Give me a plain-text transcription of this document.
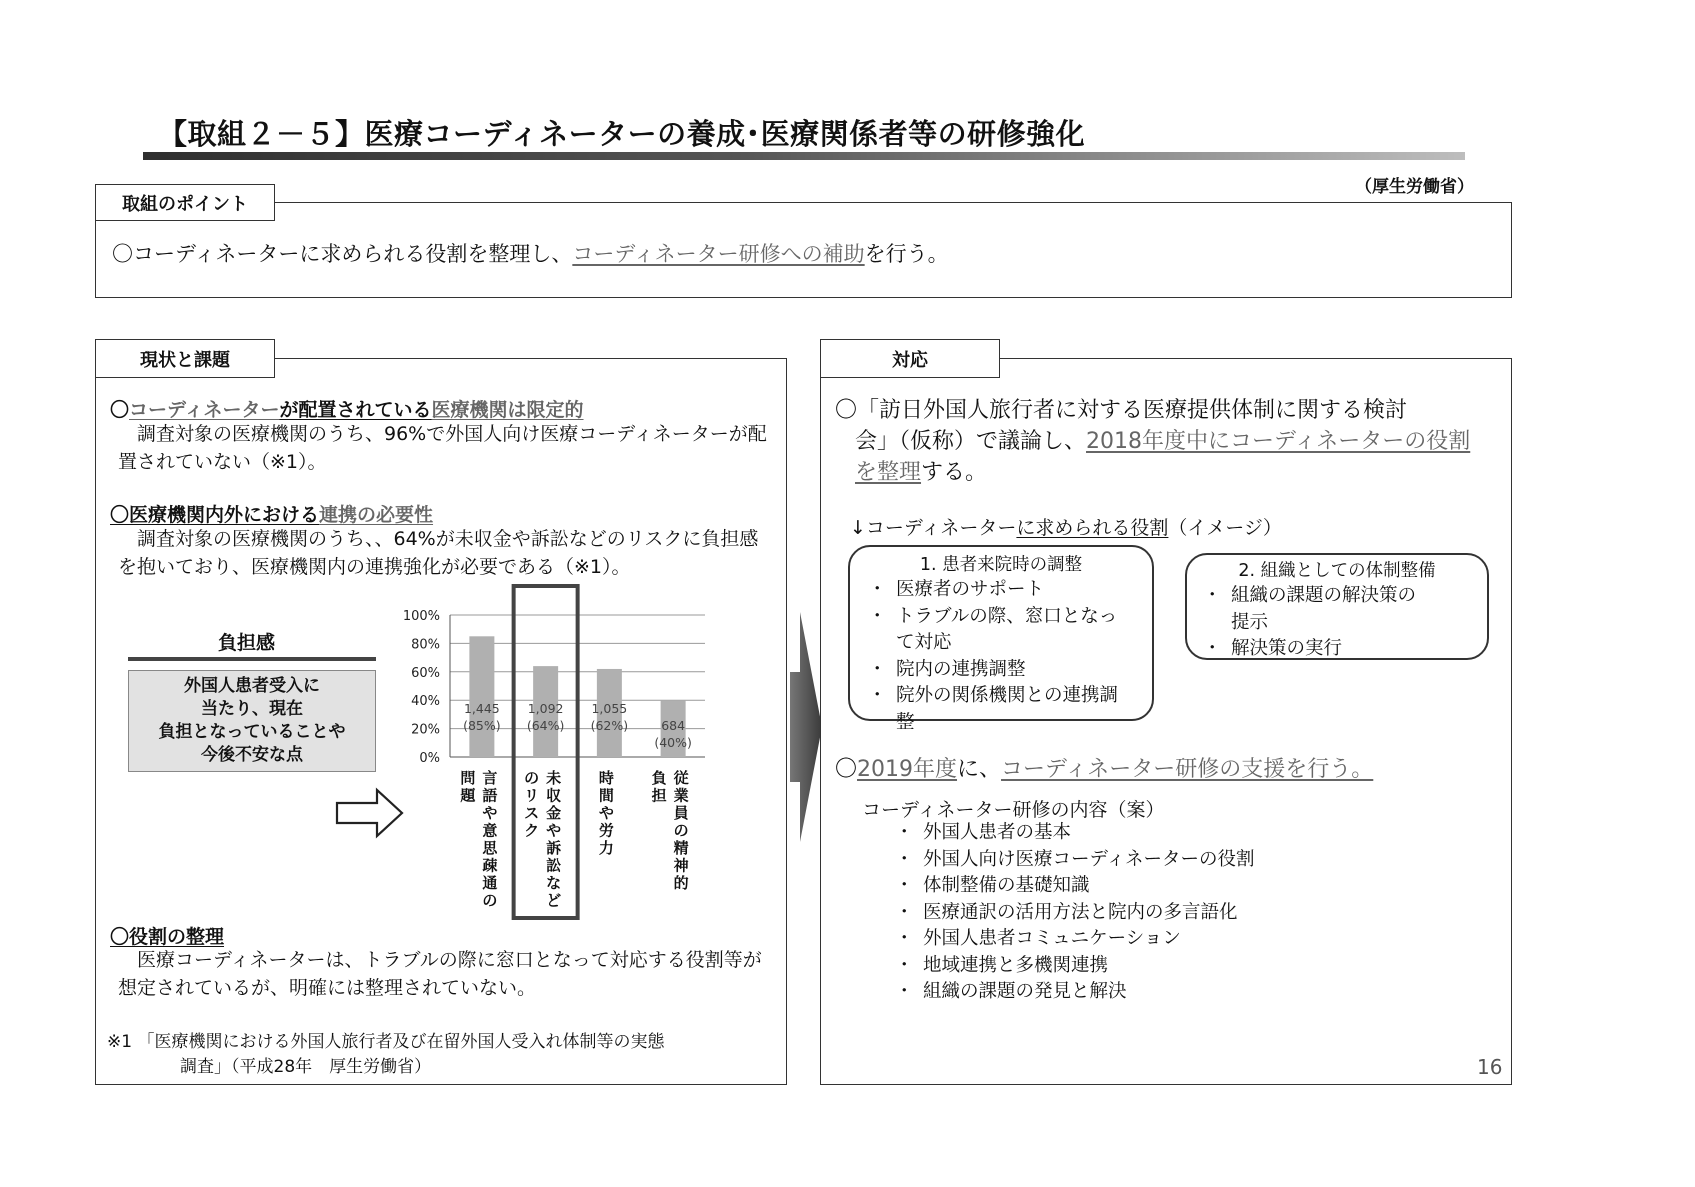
【取組２－５】医療コーディネーターの養成･医療関係者等の研修強化
（厚生労働省）
取組のポイント
〇コーディネーターに求められる役割を整理し、コーディネーター研修への補助を行う。
現状と課題
〇コーディネーターが配置されている医療機関は限定的
　調査対象の医療機関のうち、96%で外国人向け医療コーディネーターが配置されていない（※1）。
〇医療機関内外における連携の必要性
　調査対象の医療機関のうち、、64%が未収金や訴訟などのリスクに負担感を抱いており、医療機関内の連携強化が必要である（※1）。
負担感
外国人患者受入に
当たり、現在
負担となっていることや
今後不安な点	0%
20%
40%
60%
80%
100%
1,445
(85%)
言
語
や
意
思
疎
通
の
問
題
1,092
(64%)
未
収
金
や
訴
訟
な
ど
の
リ
ス
ク
1,055
(62%)
時
間
や
労
力
684
(40%)
従
業
員
の
精
神
的
負
担
〇役割の整理
　医療コーディネーターは、トラブルの際に窓口となって対応する役割等が想定されているが、明確には整理されていない。
※1 「医療機関における外国人旅行者及び在留外国人受入れ体制等の実態
調査」（平成28年　厚生労働省）
対応
〇「訪日外国人旅行者に対する医療提供体制に関する検討
会」（仮称）で議論し、2018年度中にコーディネーターの役割
を整理する。
↓コーディネーターに求められる役割（イメージ）
1. 患者来院時の調整
・ 医療者のサポート
・ トラブルの際、窓口となって対応
・ 院内の連携調整
・ 院外の関係機関との連携調整
2. 組織としての体制整備
・ 組織の課題の解決策の提示
・ 解決策の実行
〇2019年度に、コーディネーター研修の支援を行う。
コーディネーター研修の内容（案）
・ 外国人患者の基本
・ 外国人向け医療コーディネーターの役割
・ 体制整備の基礎知識
・ 医療通訳の活用方法と院内の多言語化
・ 外国人患者コミュニケーション
・ 地域連携と多機関連携
・ 組織の課題の発見と解決
16
